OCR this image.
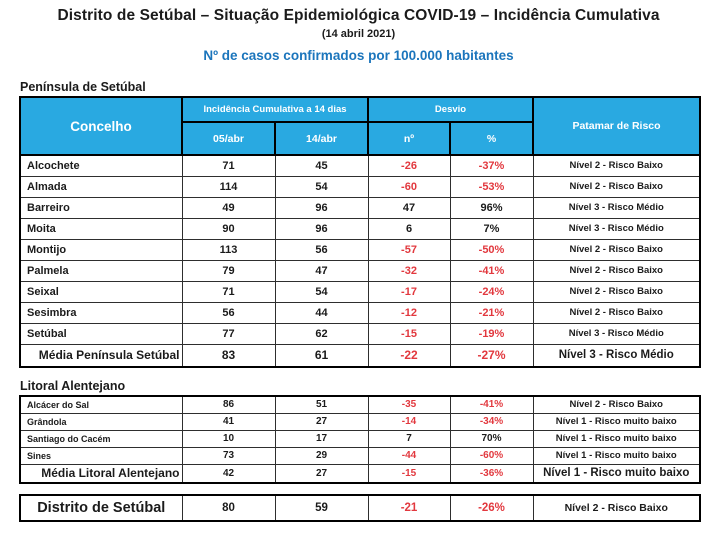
Distrito de Setúbal – Situação Epidemiológica COVID-19 – Incidência Cumulativa
(14 abril 2021)
Nº de casos confirmados por 100.000 habitantes
Península de Setúbal
Concelho	Incidência Cumulativa a 14 dias		Desvio		Patamar de Risco
	05/abr	14/abr	nº	%	
Alcochete	71	45	-26	-37%	Nível 2 - Risco Baixo
Almada	114	54	-60	-53%	Nível 2 - Risco Baixo
Barreiro	49	96	47	96%	Nível 3 - Risco Médio
Moita	90	96	6	7%	Nível 3 - Risco Médio
Montijo	113	56	-57	-50%	Nível 2 - Risco Baixo
Palmela	79	47	-32	-41%	Nível 2 - Risco Baixo
Seixal	71	54	-17	-24%	Nível 2 - Risco Baixo
Sesimbra	56	44	-12	-21%	Nível 2 - Risco Baixo
Setúbal	77	62	-15	-19%	Nível 3 - Risco Médio
Média Península Setúbal	83	61	-22	-27%	Nível 3 - Risco Médio
Litoral Alentejano
Alcácer do Sal	86	51	-35	-41%	Nível 2 - Risco Baixo
Grândola	41	27	-14	-34%	Nível 1 - Risco muito baixo
Santiago do Cacém	10	17	7	70%	Nível 1 - Risco muito baixo
Sines	73	29	-44	-60%	Nível 1 - Risco muito baixo
Média Litoral Alentejano	42	27	-15	-36%	Nível 1 - Risco muito baixo
Distrito de Setúbal	80	59	-21	-26%	Nível 2 - Risco Baixo
